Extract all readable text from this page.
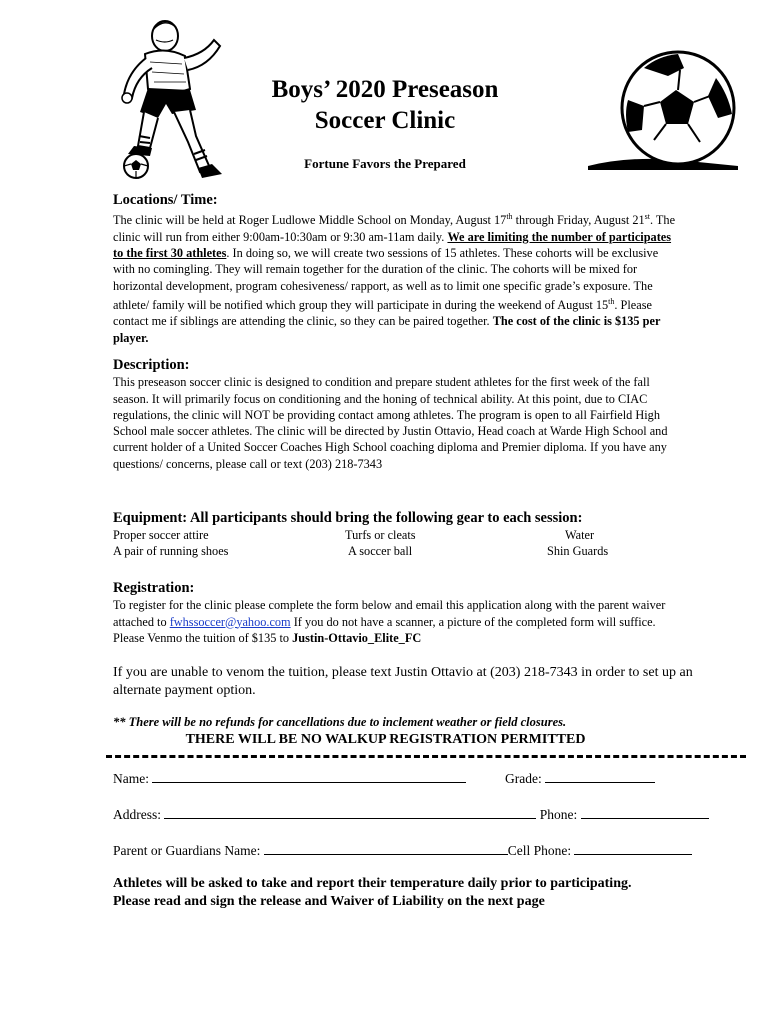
Boys’ 2020 Preseason
Soccer Clinic
Fortune Favors the Prepared
Locations/ Time:

The clinic will be held at Roger Ludlowe Middle School on Monday, August 17th through Friday, August 21st. The clinic will run from either 9:00am-10:30am or 9:30 am-11am daily. We are limiting the number of participates to the first 30 athletes. In doing so, we will create two sessions of 15 athletes. These cohorts will be exclusive with no comingling. They will remain together for the duration of the clinic. The cohorts will be mixed for horizontal development, program cohesiveness/ rapport, as well as to limit one specific grade’s exposure. The athlete/ family will be notified which group they will participate in during the weekend of August 15th. Please contact me if siblings are attending the clinic, so they can be paired together. The cost of the clinic is $135 per player.

Description:

This preseason soccer clinic is designed to condition and prepare student athletes for the first week of the fall season. It will primarily focus on conditioning and the honing of technical ability. At this point, due to CIAC regulations, the clinic will NOT be providing contact among athletes. The program is open to all Fairfield High School male soccer athletes. The clinic will be directed by Justin Ottavio, Head coach at Warde High School and current holder of a United Soccer Coaches High School coaching diploma and Premier diploma. If you have any questions/ concerns, please call or text (203) 218-7343

Equipment: All participants should bring the following gear to each session:
Proper soccer attire	Turfs or cleats	Water
A pair of running shoes	A soccer ball	Shin Guards
Registration:

To register for the clinic please complete the form below and email this application along with the parent waiver attached to fwhssoccer@yahoo.com If you do not have a scanner, a picture of the completed form will suffice. Please Venmo the tuition of $135 to Justin-Ottavio_Elite_FC

If you are unable to venom the tuition, please text Justin Ottavio at (203) 218-7343 in order to set up an alternate payment option.
** There will be no refunds for cancellations due to inclement weather or field closures.
THERE WILL BE NO WALKUP REGISTRATION PERMITTED
Name:	Grade:
Address:	Phone:
Parent or Guardians Name:	Cell Phone:
Athletes will be asked to take and report their temperature daily prior to participating.
Please read and sign the release and Waiver of Liability on the next page
